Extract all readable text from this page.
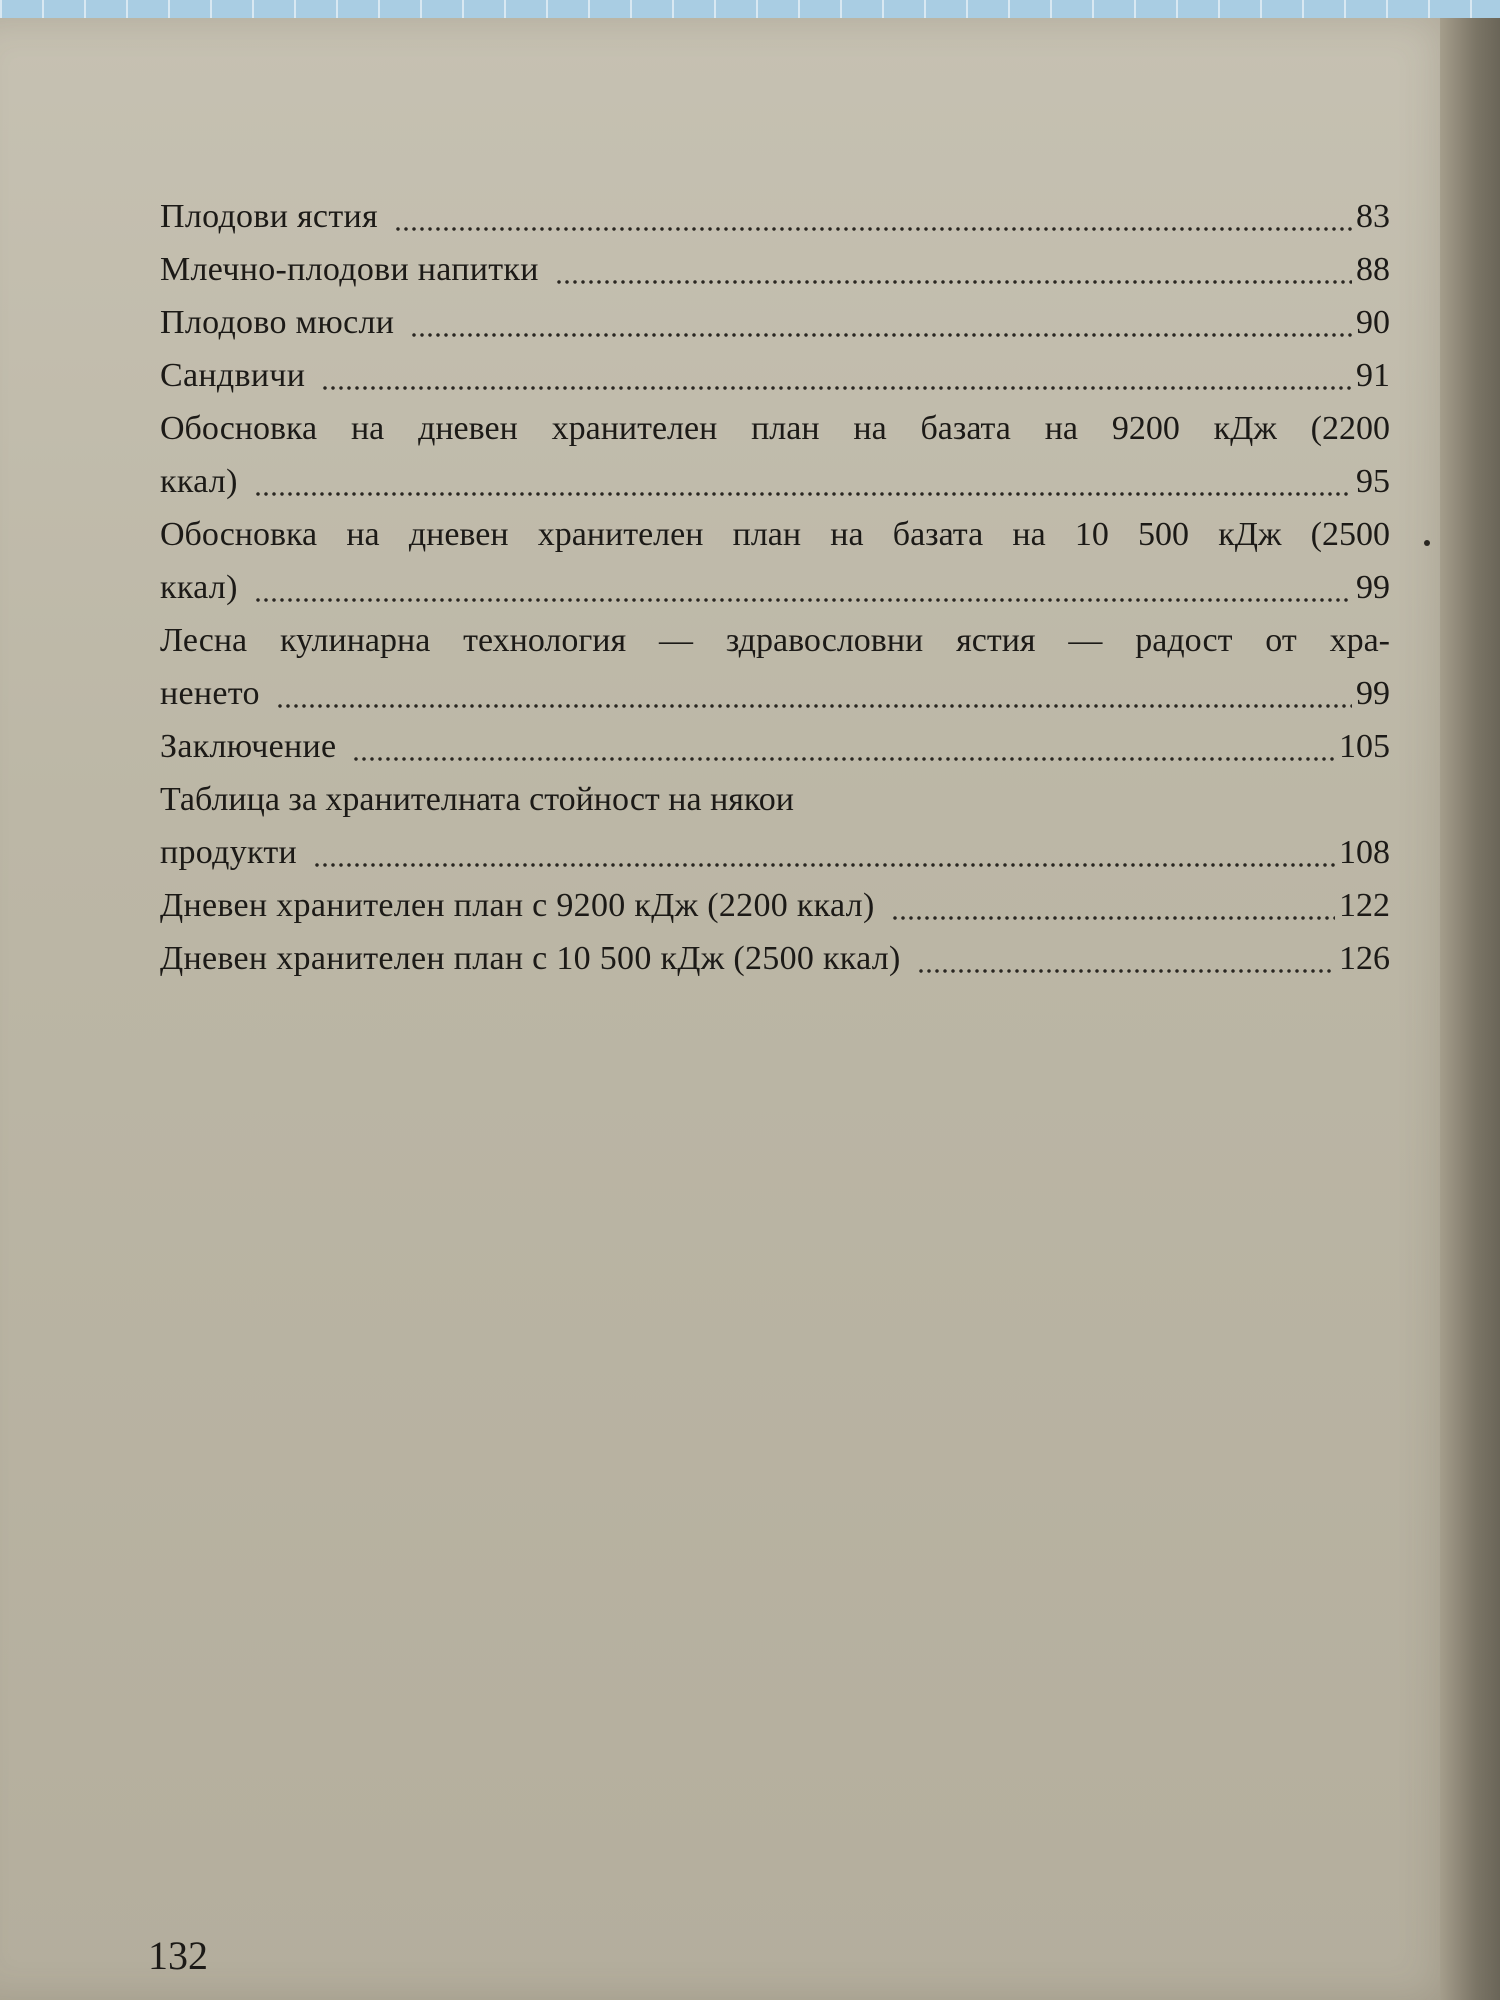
Плодови ястия	83
Млечно-плодови напитки	88
Плодово мюсли	90
Сандвичи	91
Обосновка на дневен хранителен план на базата на 9200 кДж (2200
ккал)	95
Обосновка на дневен хранителен план на базата на 10 500 кДж (2500
ккал)	99
Лесна кулинарна технология — здравословни ястия — радост от хра-
ненето	99
Заключение	105
Таблица за хранителната стойност на някои
продукти	108
Дневен хранителен план с 9200 кДж (2200 ккал)	122
Дневен хранителен план с 10 500 кДж (2500 ккал)	126
132
